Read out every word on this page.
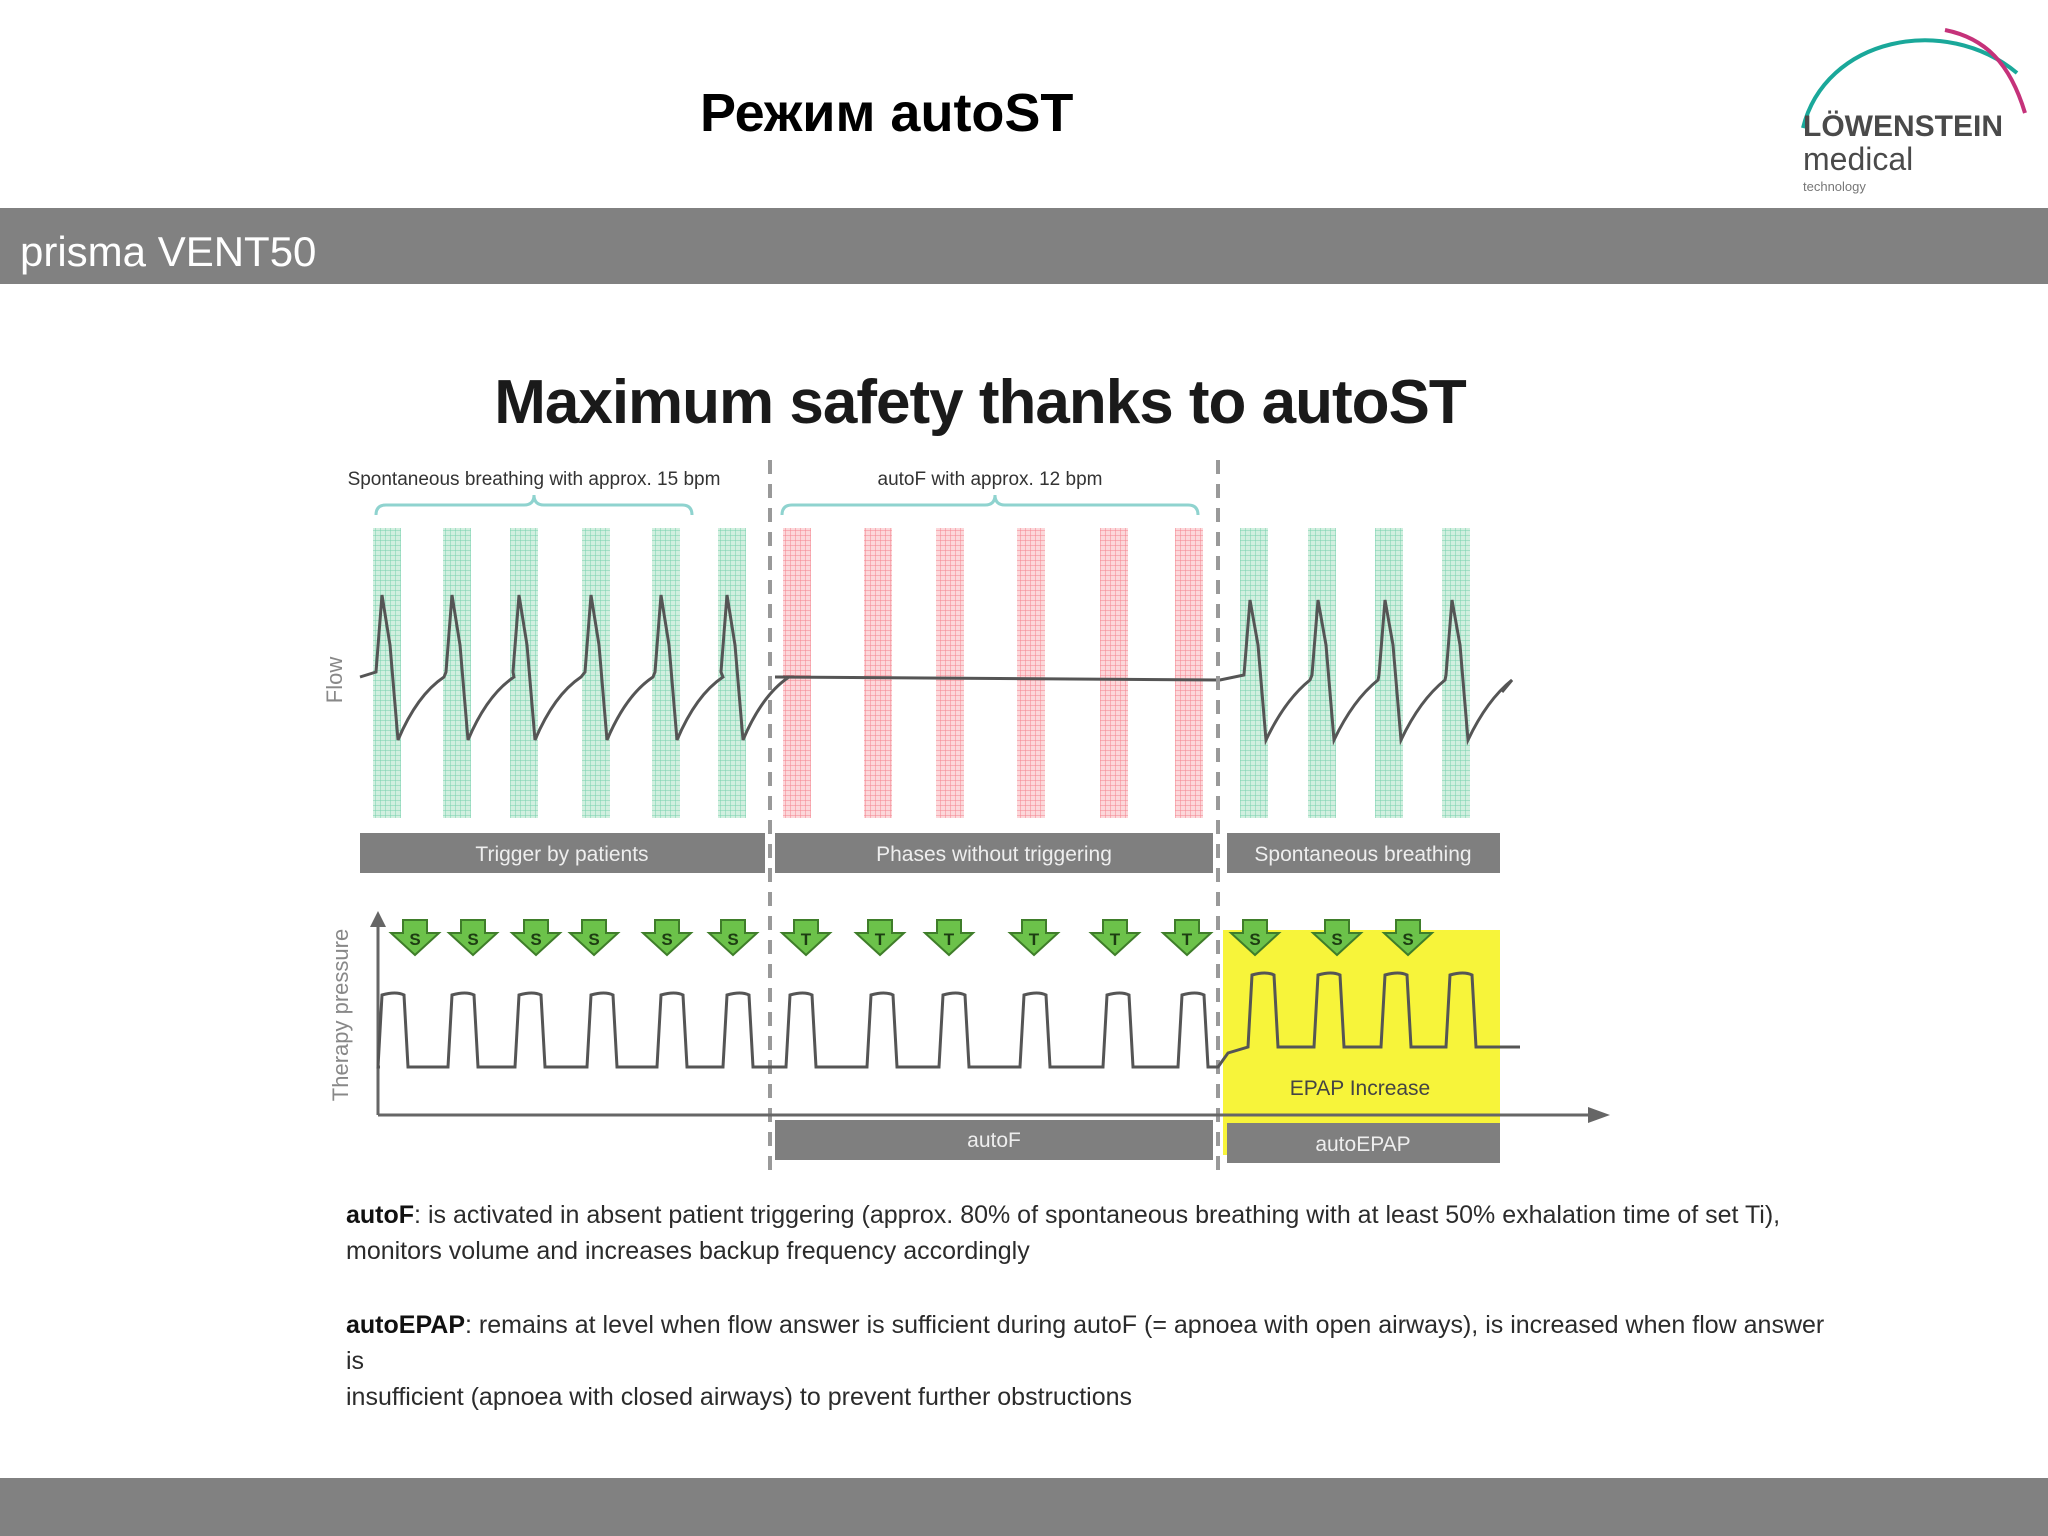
Режим autoST	LÖWENSTEIN
medical
technology
prisma VENT50
Maximum safety thanks to autoST
Spontaneous breathing with approx. 15 bpm	autoF with approx. 12 bpm
Flow
Trigger by patients	Phases without triggering	Spontaneous breathing
EPAP Increase
Therapy pressure	S	S	S	S	S	S	T	T	T	T	T	T	S	S	S
autoF	autoEPAP
autoF: is activated in absent patient triggering (approx. 80% of spontaneous breathing with at least 50% exhalation time of set Ti),
monitors volume and increases backup frequency accordingly
autoEPAP: remains at level when flow answer is sufficient during autoF (= apnoea with open airways), is increased when flow answer is
insufficient (apnoea with closed airways) to prevent further obstructions
